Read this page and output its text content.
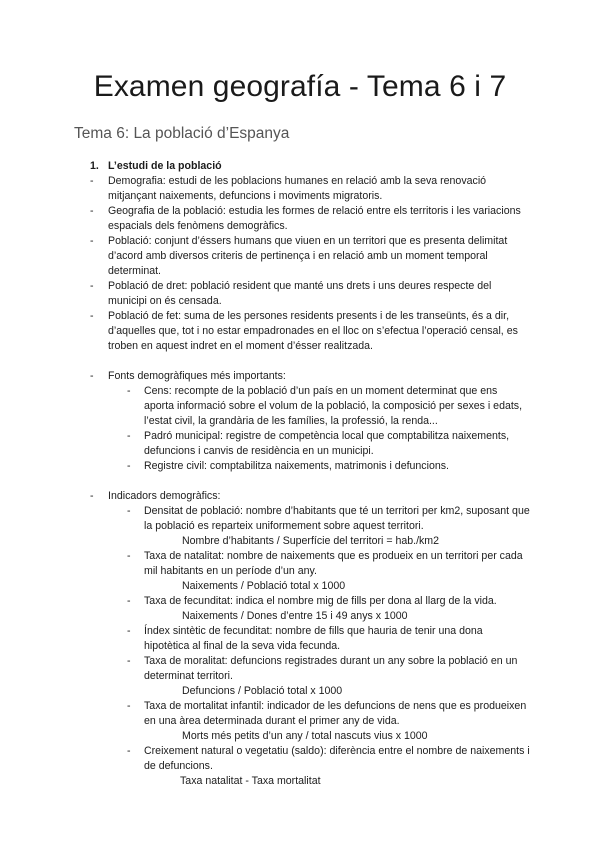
Examen geografía - Tema 6 i 7
Tema 6: La població d’Espanya
1. L’estudi de la població
-	Demografia: estudi de les poblacions humanes en relació amb la seva renovació mitjançant naixements, defuncions i moviments migratoris.
-	Geografia de la població: estudia les formes de relació entre els territoris i les variacions espacials dels fenòmens demogràfics.
-	Població: conjunt d’éssers humans que viuen en un territori que es presenta delimitat d’acord amb diversos criteris de pertinença i en relació amb un moment temporal determinat.
-	Població de dret: població resident que manté uns drets i uns deures respecte del municipi on és censada.
-	Població de fet: suma de les persones residents presents i de les transeünts, és a dir, d’aquelles que, tot i no estar empadronades en el lloc on s’efectua l’operació censal, es troben en aquest indret en el moment d’ésser realitzada.
-	Fonts demogràfiques més importants:
-	Cens: recompte de la població d’un país en un moment determinat que ens aporta informació sobre el volum de la població, la composició per sexes i edats, l’estat civil, la grandària de les famílies, la professió, la renda...
-	Padró municipal: registre de competència local que comptabilitza naixements, defuncions i canvis de residència en un municipi.
-	Registre civil: comptabilitza naixements, matrimonis i defuncions.
-	Indicadors demogràfics:
-	Densitat de població: nombre d’habitants que té un territori per km2, suposant que la població es reparteix uniformement sobre aquest territori.
Nombre d’habitants / Superfície del territori = hab./km2
-	Taxa de natalitat: nombre de naixements que es produeix en un territori per cada mil habitants en un període d’un any.
Naixements / Població total x 1000
-	Taxa de fecunditat: indica el nombre mig de fills per dona al llarg de la vida.
Naixements / Dones d’entre 15 i 49 anys x 1000
-	Índex sintètic de fecunditat: nombre de fills que hauria de tenir una dona hipotètica al final de la seva vida fecunda.
-	Taxa de moralitat: defuncions registrades durant un any sobre la població en un determinat territori.
Defuncions / Població total x 1000
-	Taxa de mortalitat infantil: indicador de les defuncions de nens que es produeixen en una àrea determinada durant el primer any de vida.
Morts més petits d’un any / total nascuts vius x 1000
-	Creixement natural o vegetatiu (saldo): diferència entre el nombre de naixements i de defuncions.
Taxa natalitat - Taxa mortalitat
